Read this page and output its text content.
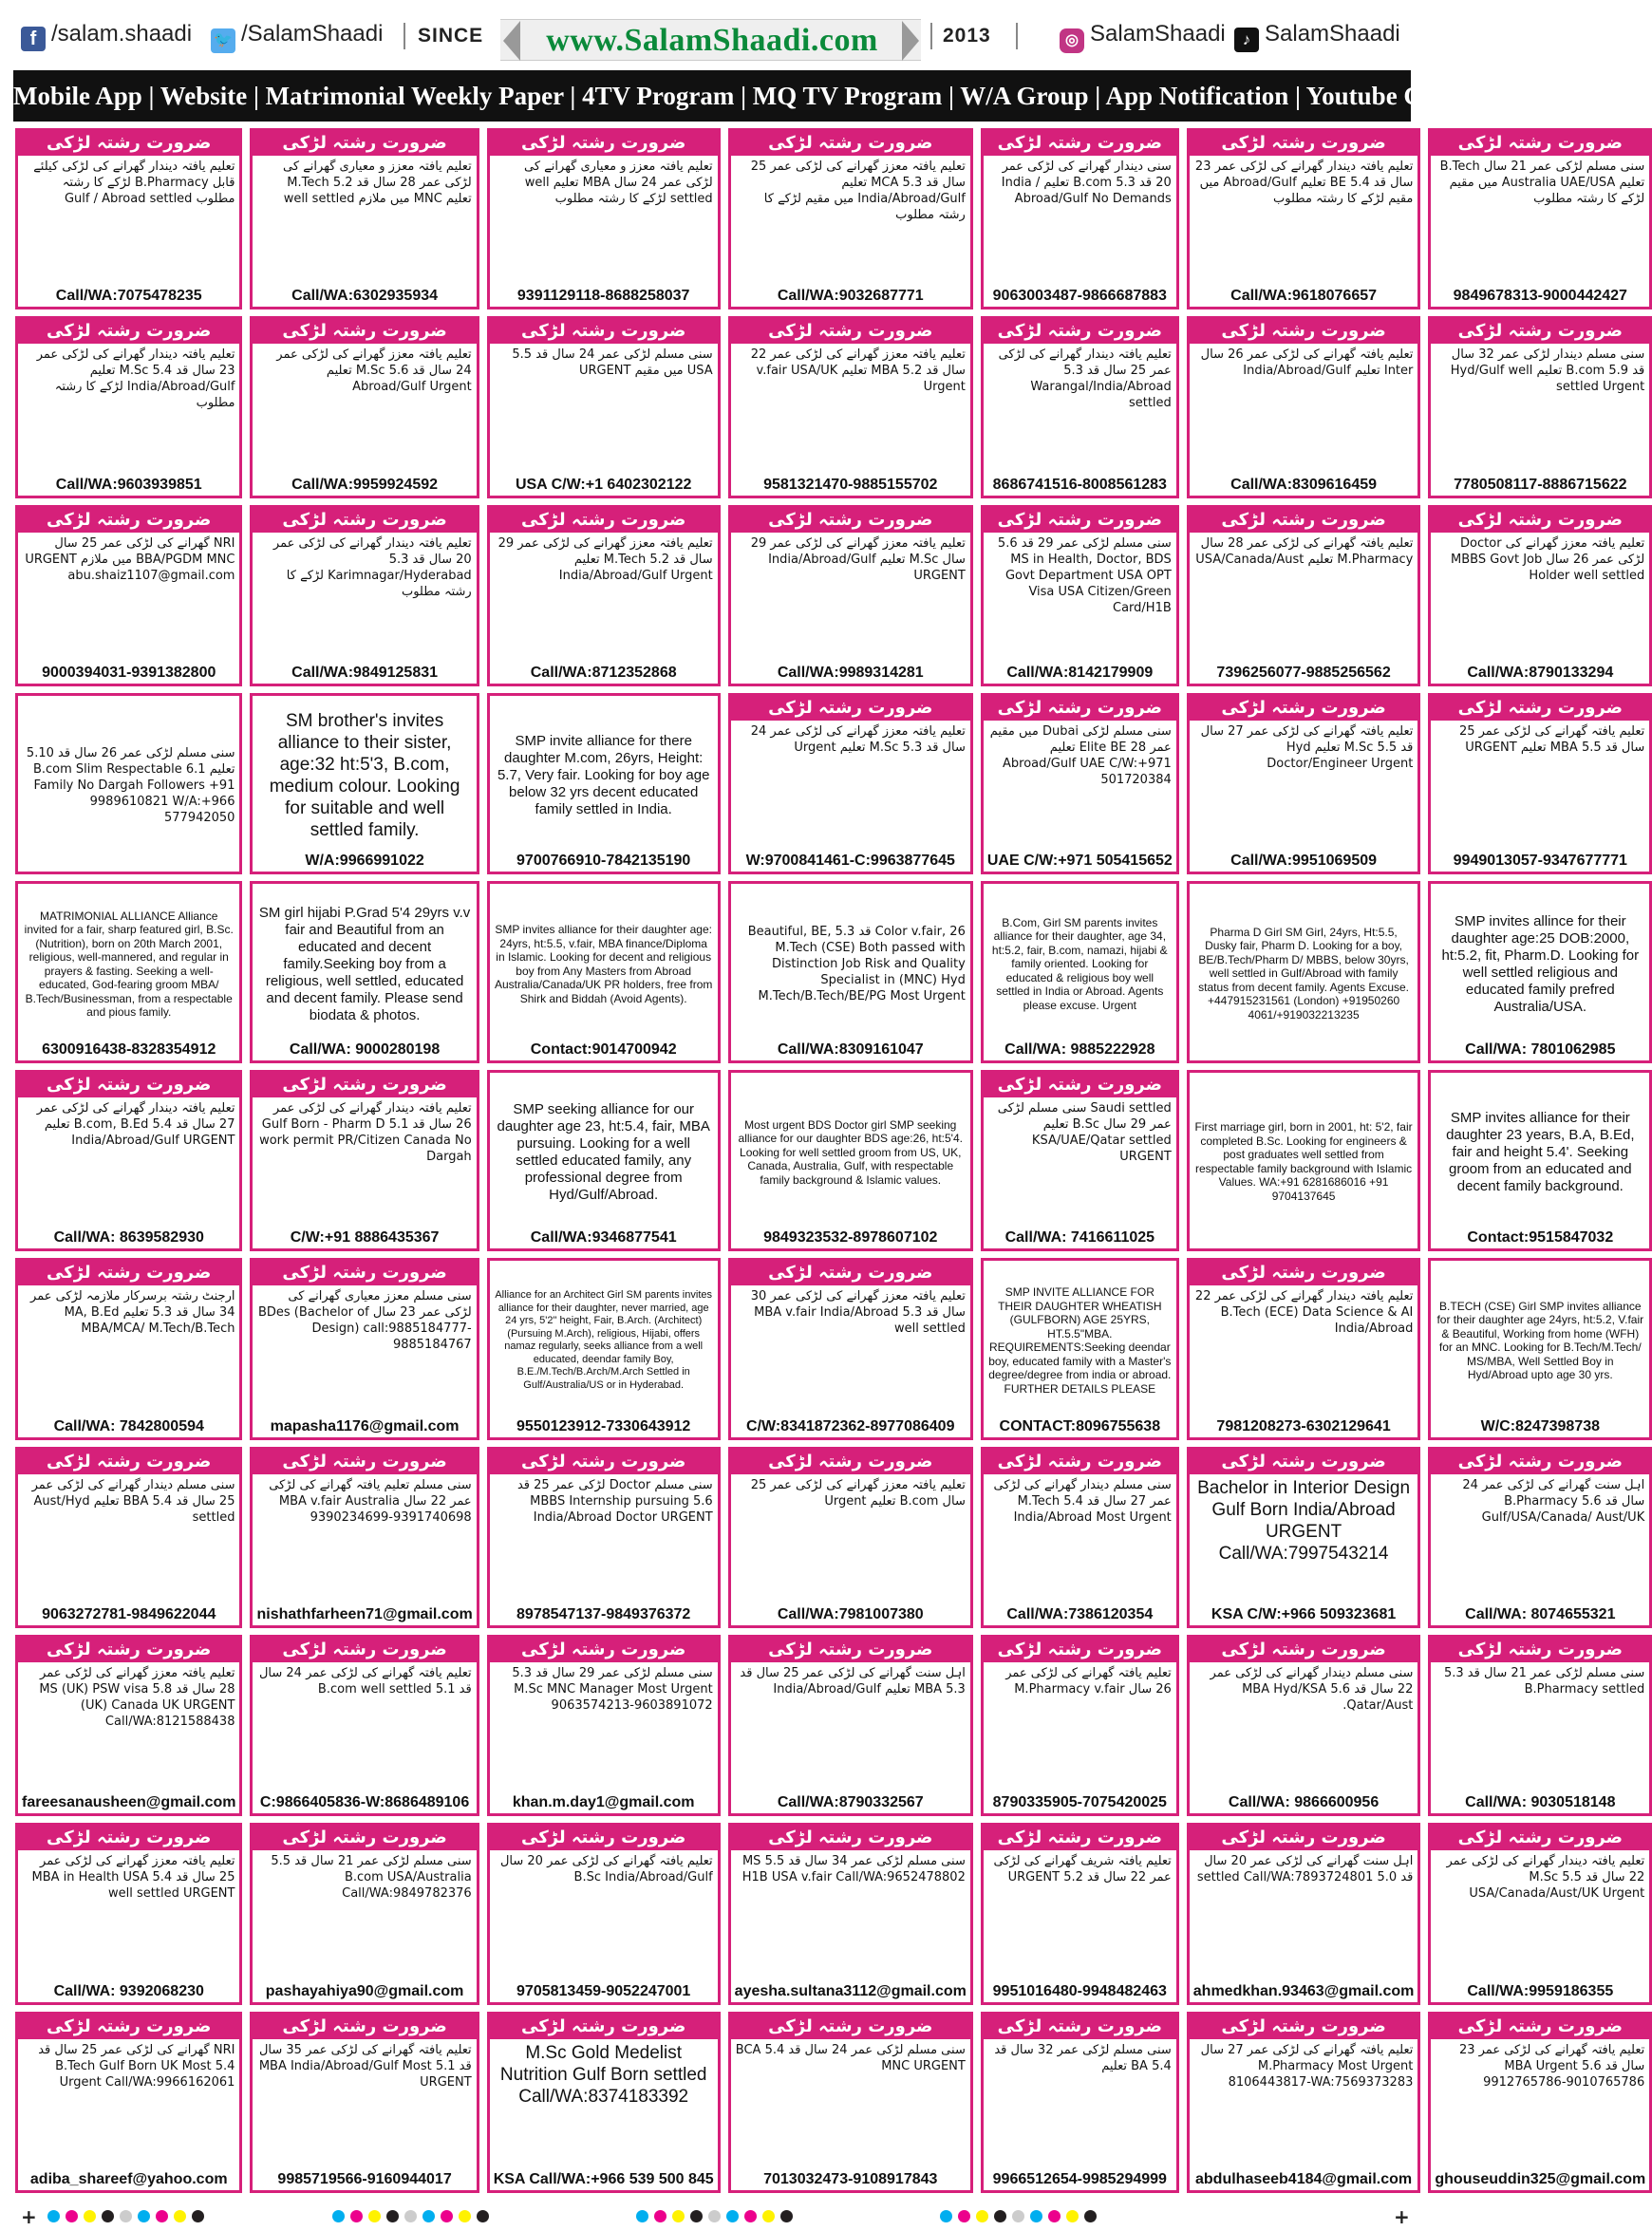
f /salam.shaadi 🐦 /SalamShaadi SINCE	www.SalamShaadi.com	2013	◎ SalamShaadi	♪ SalamShaadi
Mobile App | Website | Matrimonial Weekly Paper | 4TV Program | MQ TV Program | W/A Group | App Notification | Youtube Channel
ضرورت رشتہ لڑکی
تعلیم یافتہ دیندار گھرانے کی لڑکی کیلئے قابل B.Pharmacy لڑکے کا رشتہ مطلوب Gulf / Abroad settled
Call/WA:7075478235
ضرورت رشتہ لڑکی
تعلیم یافتہ معزز و معیاری گھرانے کی لڑکی عمر 28 سال قد 5.2 M.Tech تعلیم MNC میں ملازم well settled
Call/WA:6302935934
ضرورت رشتہ لڑکی
تعلیم یافتہ معزز و معیاری گھرانے کی لڑکی عمر 24 سال MBA تعلیم well settled لڑکے کا رشتہ مطلوب
9391129118-8688258037
ضرورت رشتہ لڑکی
تعلیم یافتہ معزز گھرانے کی لڑکی عمر 25 سال قد 5.3 MCA تعلیم India/Abroad/Gulf میں مقیم لڑکے کا رشتہ مطلوب
Call/WA:9032687771
ضرورت رشتہ لڑکی
سنی دیندار گھرانے کی لڑکی عمر 20 قد 5.3 B.com تعلیم India / Abroad/Gulf No Demands
9063003487-9866687883
ضرورت رشتہ لڑکی
تعلیم یافتہ دیندار گھرانے کی لڑکی عمر 23 سال قد 5.4 BE تعلیم Abroad/Gulf میں مقیم لڑکے کا رشتہ مطلوب
Call/WA:9618076657
ضرورت رشتہ لڑکی
سنی مسلم لڑکی عمر 21 سال B.Tech تعلیم Australia UAE/USA میں مقیم لڑکے کا رشتہ مطلوب
9849678313-9000442427
ضرورت رشتہ لڑکی
تعلیم یافتہ دیندار گھرانے کی لڑکی عمر 23 سال قد 5.4 M.Sc تعلیم India/Abroad/Gulf لڑکے کا رشتہ مطلوب
Call/WA:9603939851
ضرورت رشتہ لڑکی
تعلیم یافتہ معزز گھرانے کی لڑکی عمر 24 سال قد 5.6 M.Sc تعلیم Abroad/Gulf Urgent
Call/WA:9959924592
ضرورت رشتہ لڑکی
سنی مسلم لڑکی عمر 24 سال قد 5.5 USA میں مقیم URGENT
USA C/W:+1 6402302122
ضرورت رشتہ لڑکی
تعلیم یافتہ معزز گھرانے کی لڑکی عمر 22 سال قد 5.2 MBA تعلیم v.fair USA/UK Urgent
9581321470-9885155702
ضرورت رشتہ لڑکی
تعلیم یافتہ دیندار گھرانے کی لڑکی عمر 25 سال قد 5.3 Warangal/India/Abroad settled
8686741516-8008561283
ضرورت رشتہ لڑکی
تعلیم یافتہ گھرانے کی لڑکی عمر 26 سال Inter تعلیم India/Abroad/Gulf
Call/WA:8309616459
ضرورت رشتہ لڑکی
سنی مسلم دیندار لڑکی عمر 32 سال قد 5.9 B.com تعلیم Hyd/Gulf well settled Urgent
7780508117-8886715622
ضرورت رشتہ لڑکی
NRI گھرانے کی لڑکی عمر 25 سال BBA/PGDM MNC میں ملازم URGENT abu.shaiz1107@gmail.com
9000394031-9391382800
ضرورت رشتہ لڑکی
تعلیم یافتہ دیندار گھرانے کی لڑکی عمر 20 سال قد 5.3 Karimnagar/Hyderabad لڑکے کا رشتہ مطلوب
Call/WA:9849125831
ضرورت رشتہ لڑکی
تعلیم یافتہ معزز گھرانے کی لڑکی عمر 29 سال قد 5.2 M.Tech تعلیم India/Abroad/Gulf Urgent
Call/WA:8712352868
ضرورت رشتہ لڑکی
تعلیم یافتہ معزز گھرانے کی لڑکی عمر 29 سال M.Sc تعلیم India/Abroad/Gulf URGENT
Call/WA:9989314281
ضرورت رشتہ لڑکی
سنی مسلم لڑکی عمر 29 قد 5.6 MS in Health, Doctor, BDS Govt Department USA OPT Visa USA Citizen/Green Card/H1B
Call/WA:8142179909
ضرورت رشتہ لڑکی
تعلیم یافتہ گھرانے کی لڑکی عمر 28 سال M.Pharmacy تعلیم USA/Canada/Aust
7396256077-9885256562
ضرورت رشتہ لڑکی
تعلیم یافتہ معزز گھرانے کی Doctor لڑکی عمر 26 سال MBBS Govt Job Holder well settled
Call/WA:8790133294
سنی مسلم لڑکی عمر 26 سال قد 5.10 تعلیم B.com Slim Respectable 6.1 Family No Dargah Followers +91 9989610821 W/A:+966 577942050
SM brother's invites alliance to their sister, age:32 ht:5'3, B.com, medium colour. Looking for suitable and well settled family.
W/A:9966991022
SMP invite alliance for there daughter M.com, 26yrs, Height: 5.7, Very fair. Looking for boy age below 32 yrs decent educated family settled in India.
9700766910-7842135190
ضرورت رشتہ لڑکی
تعلیم یافتہ معزز گھرانے کی لڑکی عمر 24 سال قد 5.3 M.Sc تعلیم Urgent
W:9700841461-C:9963877645
ضرورت رشتہ لڑکی
سنی مسلم لڑکی Dubai میں مقیم عمر 28 Elite BE تعلیم Abroad/Gulf UAE C/W:+971 501720384
UAE C/W:+971 505415652
ضرورت رشتہ لڑکی
تعلیم یافتہ گھرانے کی لڑکی عمر 27 سال قد 5.5 M.Sc تعلیم Hyd Doctor/Engineer Urgent
Call/WA:9951069509
ضرورت رشتہ لڑکی
تعلیم یافتہ گھرانے کی لڑکی عمر 25 سال قد 5.5 MBA تعلیم URGENT
9949013057-9347677771
MATRIMONIAL ALLIANCE Alliance invited for a fair, sharp featured girl, B.Sc. (Nutrition), born on 20th March 2001, religious, well-mannered, and regular in prayers & fasting. Seeking a well-educated, God-fearing groom MBA/ B.Tech/Businessman, from a respectable and pious family.
6300916438-8328354912
SM girl hijabi P.Grad 5'4 29yrs v.v fair and Beautiful from an educated and decent family.Seeking boy from a religious, well settled, educated and decent family. Please send biodata & photos.
Call/WA: 9000280198
SMP invites alliance for their daughter age: 24yrs, ht:5.5, v.fair, MBA finance/Diploma in Islamic. Looking for decent and religious boy from Any Masters from Abroad Australia/Canada/UK PR holders, free from Shirk and Biddah (Avoid Agents).
Contact:9014700942
Color v.fair, 26 قد 5.3 Beautiful, BE, M.Tech (CSE) Both passed with Distinction Job Risk and Quality Specialist in (MNC) Hyd M.Tech/B.Tech/BE/PG Most Urgent
Call/WA:8309161047
B.Com, Girl SM parents invites alliance for their daughter, age 34, ht:5.2, fair, B.com, namazi, hijabi & family oriented. Looking for educated & religious boy well settled in India or Abroad. Agents please excuse. Urgent
Call/WA: 9885222928
Pharma D Girl SM Girl, 24yrs, Ht:5.5, Dusky fair, Pharm D. Looking for a boy, BE/B.Tech/Pharm D/ MBBS, below 30yrs, well settled in Gulf/Abroad with family status from decent family. Agents Excuse. +447915231561 (London) +91950260 4061/+919032213235
SMP invites allince for their daughter age:25 DOB:2000, ht:5.2, fit, Pharm.D. Looking for well settled religious and educated family prefred Australia/USA.
Call/WA: 7801062985
ضرورت رشتہ لڑکی
تعلیم یافتہ دیندار گھرانے کی لڑکی عمر 27 سال قد 5.4 B.com, B.Ed تعلیم India/Abroad/Gulf URGENT
Call/WA: 8639582930
ضرورت رشتہ لڑکی
تعلیم یافتہ دیندار گھرانے کی لڑکی عمر 26 سال قد 5.1 Gulf Born - Pharm D work permit PR/Citizen Canada No Dargah
C/W:+91 8886435367
SMP seeking alliance for our daughter age 23, ht:5.4, fair, MBA pursuing. Looking for a well settled educated family, any professional degree from Hyd/Gulf/Abroad.
Call/WA:9346877541
Most urgent BDS Doctor girl SMP seeking alliance for our daughter BDS age:26, ht:5'4. Looking for well settled groom from US, UK, Canada, Australia, Gulf, with respectable family background & Islamic values.
9849323532-8978607102
ضرورت رشتہ لڑکی
Saudi settled سنی مسلم لڑکی عمر 29 سال B.Sc تعلیم KSA/UAE/Qatar settled URGENT
Call/WA: 7416611025
First marriage girl, born in 2001, ht: 5'2, fair completed B.Sc. Looking for engineers & post graduates well settled from respectable family background with Islamic Values. WA:+91 6281686016 +91 9704137645
SMP invites alliance for their daughter 23 years, B.A, B.Ed, fair and height 5.4'. Seeking groom from an educated and decent family background.
Contact:9515847032
ضرورت رشتہ لڑکی
ارجنٹ رشتہ برسرکار ملازمہ لڑکی عمر 34 سال قد 5.3 تعلیم MA, B.Ed MBA/MCA/ M.Tech/B.Tech
Call/WA: 7842800594
ضرورت رشتہ لڑکی
سنی مسلم معزز معیاری گھرانے کی لڑکی عمر 23 سال BDes (Bachelor of Design) call:9885184777-9885184767
mapasha1176@gmail.com
Alliance for an Architect Girl SM parents invites alliance for their daughter, never married, age 24 yrs, 5'2" height, Fair, B.Arch. (Architect) (Pursuing M.Arch), religious, Hijabi, offers namaz regularly, seeks alliance from a well educated, deendar family Boy, B.E./M.Tech/B.Arch/M.Arch Settled in Gulf/Australia/US or in Hyderabad.
9550123912-7330643912
ضرورت رشتہ لڑکی
تعلیم یافتہ معزز گھرانے کی لڑکی عمر 30 سال قد 5.3 MBA v.fair India/Abroad well settled
C/W:8341872362-8977086409
SMP INVITE ALLIANCE FOR THEIR DAUGHTER WHEATISH (GULFBORN) AGE 25YRS, HT.5.5"MBA. REQUIREMENTS:Seeking deendar boy, educated family with a Master's degree/degree from india or abroad. FURTHER DETAILS PLEASE
CONTACT:8096755638
ضرورت رشتہ لڑکی
تعلیم یافتہ دیندار گھرانے کی لڑکی عمر 22 B.Tech (ECE) Data Science & AI India/Abroad
7981208273-6302129641
B.TECH (CSE) Girl SMP invites alliance for their daughter age 24yrs, ht:5.2, V.fair & Beautiful, Working from home (WFH) for an MNC. Looking for B.Tech/M.Tech/ MS/MBA, Well Settled Boy in Hyd/Abroad upto age 30 yrs.
W/C:8247398738
ضرورت رشتہ لڑکی
سنی مسلم دیندار گھرانے کی لڑکی عمر 25 سال قد 5.4 BBA تعلیم Aust/Hyd settled
9063272781-9849622044
ضرورت رشتہ لڑکی
سنی مسلم تعلیم یافتہ گھرانے کی لڑکی عمر 22 سال MBA v.fair Australia 9390234699-9391740698
nishathfarheen71@gmail.com
ضرورت رشتہ لڑکی
سنی مسلم Doctor لڑکی عمر 25 قد 5.6 MBBS Internship pursuing India/Abroad Doctor URGENT
8978547137-9849376372
ضرورت رشتہ لڑکی
تعلیم یافتہ معزز گھرانے کی لڑکی عمر 25 سال B.com تعلیم Urgent
Call/WA:7981007380
ضرورت رشتہ لڑکی
سنی مسلم دیندار گھرانے کی لڑکی عمر 27 سال قد 5.4 M.Tech India/Abroad Most Urgent
Call/WA:7386120354
ضرورت رشتہ لڑکی
Bachelor in Interior Design Gulf Born India/Abroad URGENT Call/WA:7997543214
KSA C/W:+966 509323681
ضرورت رشتہ لڑکی
اہل سنت گھرانے کی لڑکی عمر 24 سال قد 5.6 B.Pharmacy Gulf/USA/Canada/ Aust/UK
Call/WA: 8074655321
ضرورت رشتہ لڑکی
تعلیم یافتہ معزز گھرانے کی لڑکی عمر 28 سال قد 5.8 MS (UK) PSW visa (UK) Canada UK URGENT Call/WA:8121588438
fareesanausheen@gmail.com
ضرورت رشتہ لڑکی
تعلیم یافتہ گھرانے کی لڑکی عمر 24 سال قد 5.1 B.com well settled
C:9866405836-W:8686489106
ضرورت رشتہ لڑکی
سنی مسلم لڑکی عمر 29 سال قد 5.3 M.Sc MNC Manager Most Urgent 9063574213-9603891072
khan.m.day1@gmail.com
ضرورت رشتہ لڑکی
اہل سنت گھرانے کی لڑکی عمر 25 سال قد 5.3 MBA تعلیم India/Abroad/Gulf
Call/WA:8790332567
ضرورت رشتہ لڑکی
تعلیم یافتہ گھرانے کی لڑکی عمر 26 سال M.Pharmacy v.fair
8790335905-7075420025
ضرورت رشتہ لڑکی
سنی مسلم دیندار گھرانے کی لڑکی عمر 22 سال قد 5.6 MBA Hyd/KSA Qatar/Aust.
Call/WA: 9866600956
ضرورت رشتہ لڑکی
سنی مسلم لڑکی عمر 21 سال قد 5.3 B.Pharmacy settled
Call/WA: 9030518148
ضرورت رشتہ لڑکی
تعلیم یافتہ معزز گھرانے کی لڑکی عمر 25 سال قد 5.4 MBA in Health USA well settled URGENT
Call/WA: 9392068230
ضرورت رشتہ لڑکی
سنی مسلم لڑکی عمر 21 سال قد 5.5 B.com USA/Australia Call/WA:9849782376
pashayahiya90@gmail.com
ضرورت رشتہ لڑکی
تعلیم یافتہ گھرانے کی لڑکی عمر 20 سال B.Sc India/Abroad/Gulf
9705813459-9052247001
ضرورت رشتہ لڑکی
سنی مسلم لڑکی عمر 34 سال قد 5.5 MS H1B USA v.fair Call/WA:9652478802
ayesha.sultana3112@gmail.com
ضرورت رشتہ لڑکی
تعلیم یافتہ شریف گھرانے کی لڑکی عمر 22 سال قد 5.2 URGENT
9951016480-9948482463
ضرورت رشتہ لڑکی
اہل سنت گھرانے کی لڑکی عمر 20 سال قد 5.0 settled Call/WA:7893724801
ahmedkhan.93463@gmail.com
ضرورت رشتہ لڑکی
تعلیم یافتہ دیندار گھرانے کی لڑکی عمر 22 سال قد 5.5 M.Sc USA/Canada/Aust/UK Urgent
Call/WA:9959186355
ضرورت رشتہ لڑکی
NRI گھرانے کی لڑکی عمر 25 سال قد 5.4 B.Tech Gulf Born UK Most Urgent Call/WA:9966162061
adiba_shareef@yahoo.com
ضرورت رشتہ لڑکی
تعلیم یافتہ گھرانے کی لڑکی عمر 35 سال قد 5.1 MBA India/Abroad/Gulf Most URGENT
9985719566-9160944017
ضرورت رشتہ لڑکی
M.Sc Gold Medelist Nutrition Gulf Born settled Call/WA:8374183392
KSA Call/WA:+966 539 500 845
ضرورت رشتہ لڑکی
سنی مسلم لڑکی عمر 24 سال قد 5.4 BCA MNC URGENT
7013032473-9108917843
ضرورت رشتہ لڑکی
سنی مسلم لڑکی عمر 32 سال قد 5.4 BA تعلیم
9966512654-9985294999
ضرورت رشتہ لڑکی
تعلیم یافتہ گھرانے کی لڑکی عمر 27 سال M.Pharmacy Most Urgent 8106443817-WA:7569373283
abdulhaseeb4184@gmail.com
ضرورت رشتہ لڑکی
تعلیم یافتہ گھرانے کی لڑکی عمر 23 سال قد 5.6 MBA Urgent 9912765786-9010765786
ghouseuddin325@gmail.com
+	+
